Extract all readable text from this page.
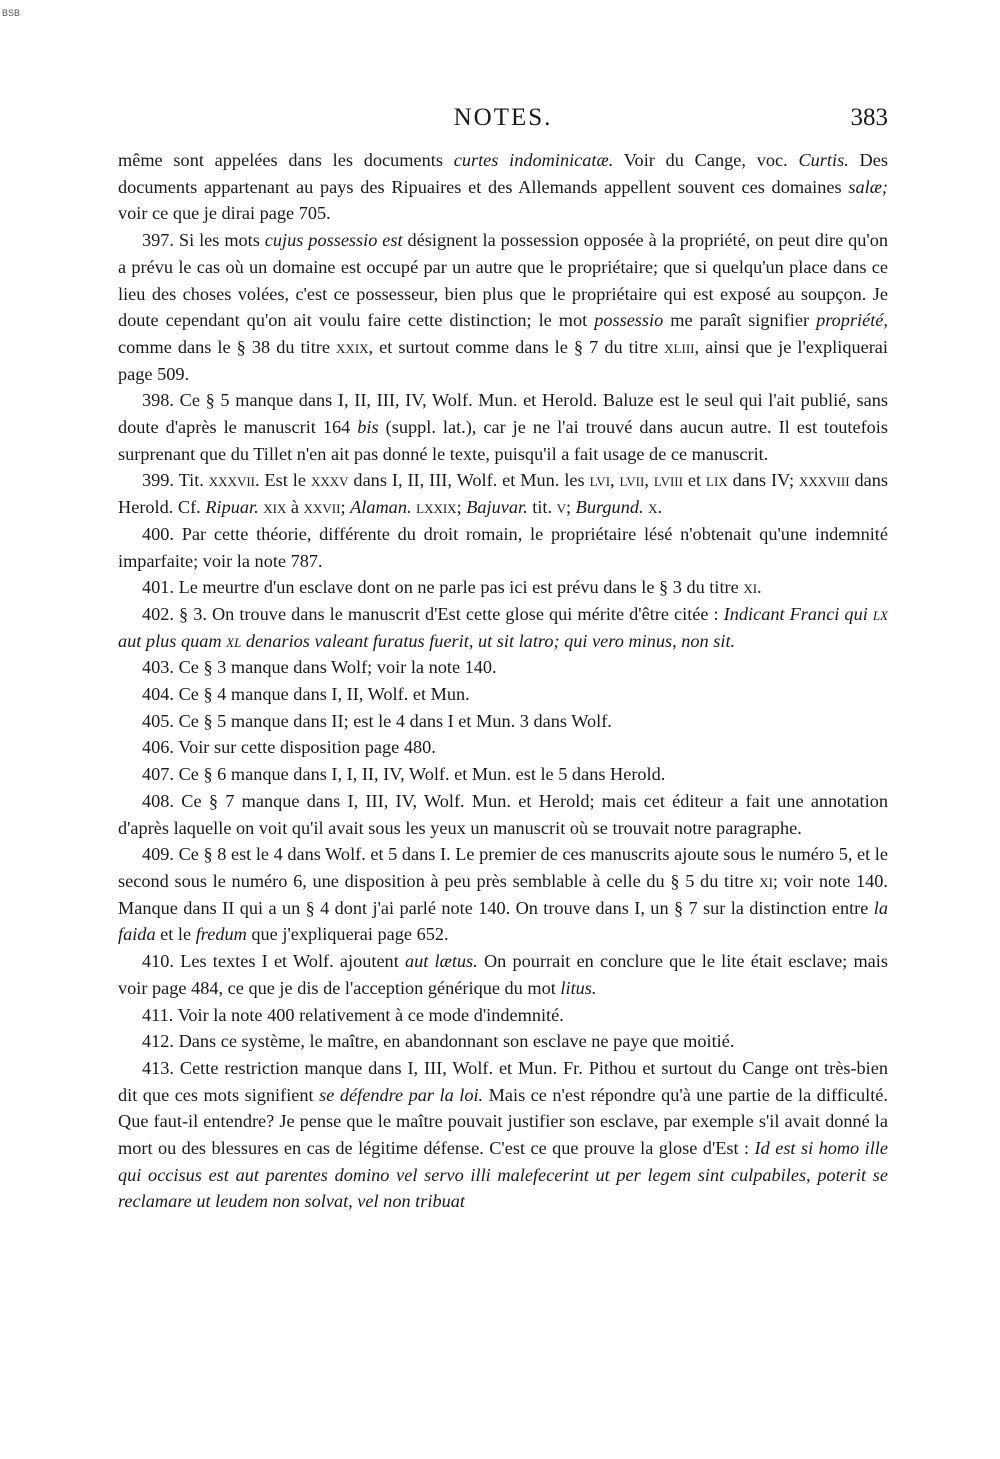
BSB
NOTES.	383

même sont appelées dans les documents curtes indominicatæ. Voir du Cange, voc. Curtis. Des documents appartenant au pays des Ripuaires et des Allemands appellent souvent ces domaines salæ; voir ce que je dirai page 705.

397. Si les mots cujus possessio est désignent la possession opposée à la propriété, on peut dire qu'on a prévu le cas où un domaine est occupé par un autre que le propriétaire; que si quelqu'un place dans ce lieu des choses volées, c'est ce possesseur, bien plus que le propriétaire qui est exposé au soupçon. Je doute cependant qu'on ait voulu faire cette distinction; le mot possessio me paraît signifier propriété, comme dans le § 38 du titre xxix, et surtout comme dans le § 7 du titre xliii, ainsi que je l'expliquerai page 509.

398. Ce § 5 manque dans I, II, III, IV, Wolf. Mun. et Herold. Baluze est le seul qui l'ait publié, sans doute d'après le manuscrit 164 bis (suppl. lat.), car je ne l'ai trouvé dans aucun autre. Il est toutefois surprenant que du Tillet n'en ait pas donné le texte, puisqu'il a fait usage de ce manuscrit.

399. Tit. xxxvii. Est le xxxv dans I, II, III, Wolf. et Mun. les lvi, lvii, lviii et lix dans IV; xxxviii dans Herold. Cf. Ripuar. xix à xxvii; Alaman. lxxix; Bajuvar. tit. v; Burgund. x.

400. Par cette théorie, différente du droit romain, le propriétaire lésé n'obtenait qu'une indemnité imparfaite; voir la note 787.

401. Le meurtre d'un esclave dont on ne parle pas ici est prévu dans le § 3 du titre xi.

402. § 3. On trouve dans le manuscrit d'Est cette glose qui mérite d'être citée : Indicant Franci qui lx aut plus quam xl denarios valeant furatus fuerit, ut sit latro; qui vero minus, non sit.

403. Ce § 3 manque dans Wolf; voir la note 140.

404. Ce § 4 manque dans I, II, Wolf. et Mun.

405. Ce § 5 manque dans II; est le 4 dans I et Mun. 3 dans Wolf.

406. Voir sur cette disposition page 480.

407. Ce § 6 manque dans I, I, II, IV, Wolf. et Mun. est le 5 dans Herold.

408. Ce § 7 manque dans I, III, IV, Wolf. Mun. et Herold; mais cet éditeur a fait une annotation d'après laquelle on voit qu'il avait sous les yeux un manuscrit où se trouvait notre paragraphe.

409. Ce § 8 est le 4 dans Wolf. et 5 dans I. Le premier de ces manuscrits ajoute sous le numéro 5, et le second sous le numéro 6, une disposition à peu près semblable à celle du § 5 du titre xi; voir note 140. Manque dans II qui a un § 4 dont j'ai parlé note 140. On trouve dans I, un § 7 sur la distinction entre la faida et le fredum que j'expliquerai page 652.

410. Les textes I et Wolf. ajoutent aut lætus. On pourrait en conclure que le lite était esclave; mais voir page 484, ce que je dis de l'acception générique du mot litus.

411. Voir la note 400 relativement à ce mode d'indemnité.

412. Dans ce système, le maître, en abandonnant son esclave ne paye que moitié.

413. Cette restriction manque dans I, III, Wolf. et Mun. Fr. Pithou et surtout du Cange ont très-bien dit que ces mots signifient se défendre par la loi. Mais ce n'est répondre qu'à une partie de la difficulté. Que faut-il entendre? Je pense que le maître pouvait justifier son esclave, par exemple s'il avait donné la mort ou des blessures en cas de légitime défense. C'est ce que prouve la glose d'Est : Id est si homo ille qui occisus est aut parentes domino vel servo illi malefecerint ut per legem sint culpabiles, poterit se reclamare ut leudem non solvat, vel non tribuat
